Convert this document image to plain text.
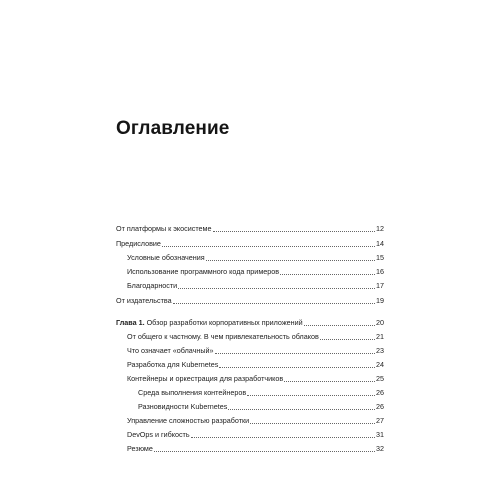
Оглавление
От платформы к экосистеме	12
Предисловие	14
Условные обозначения	15
Использование программного кода примеров	16
Благодарности	17
От издательства	19
Глава 1. Обзор разработки корпоративных приложений	20
От общего к частному. В чем привлекательность облаков	21
Что означает «облачный»	23
Разработка для Kubernetes	24
Контейнеры и оркестрация для разработчиков	25
Среда выполнения контейнеров	26
Разновидности Kubernetes	26
Управление сложностью разработки	27
DevOps и гибкость	31
Резюме	32
